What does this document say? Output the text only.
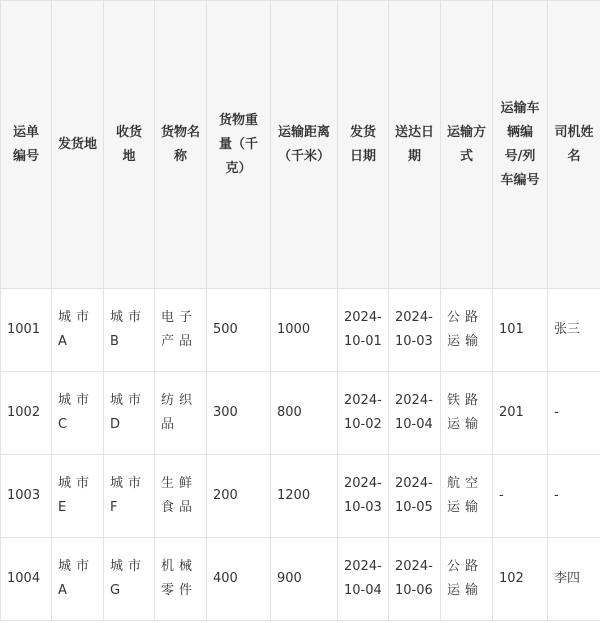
运单编号	发货地	收货地	货物名称	货物重量（千克）	运输距离（千米）	发货日期	送达日期	运输方式	运输车辆编号/列车编号	司机姓名
1001	城市A	城市B	电子产品	500	1000	2024-10-01	2024-10-03	公路运输	101	张三
1002	城市C	城市D	纺织品	300	800	2024-10-02	2024-10-04	铁路运输	201	-
1003	城市E	城市F	生鲜食品	200	1200	2024-10-03	2024-10-05	航空运输	-	-
1004	城市A	城市G	机械零件	400	900	2024-10-04	2024-10-06	公路运输	102	李四
